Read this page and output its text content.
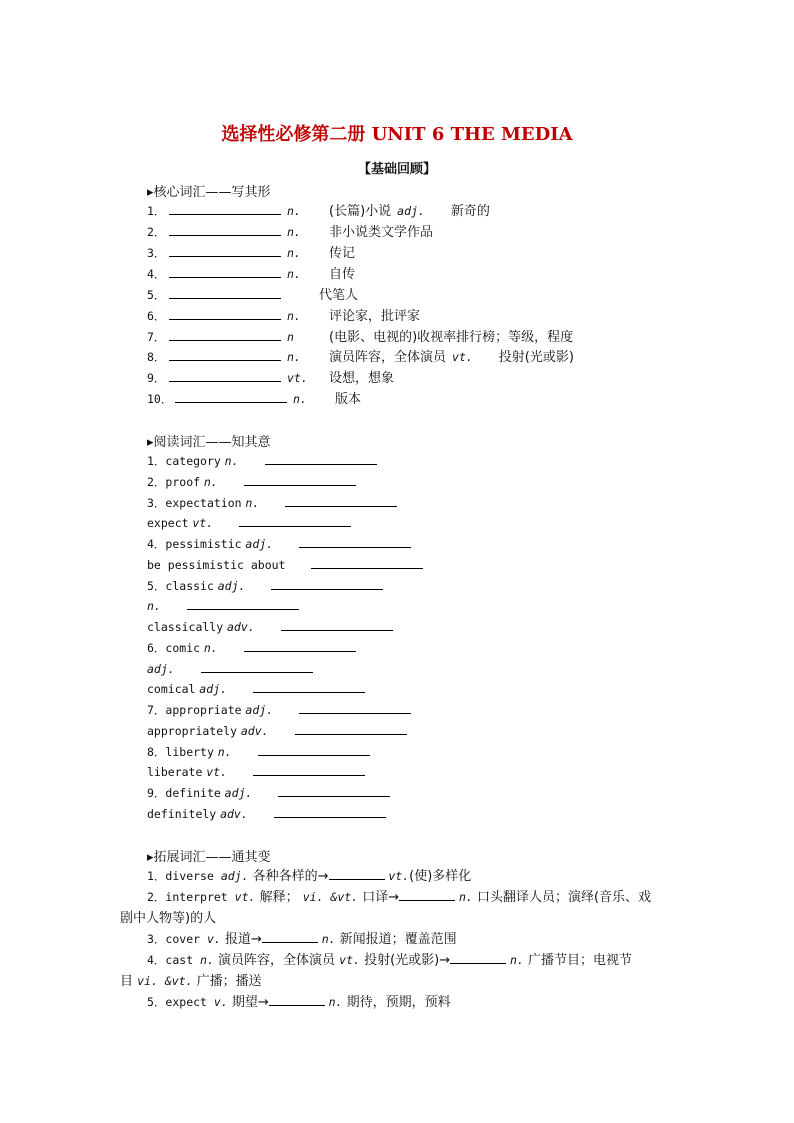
选择性必修第二册 UNIT 6 THE MEDIA
【基础回顾】
▸核心词汇——写其形
1．	n. (长篇)小说 adj. 新奇的
2．	n. 非小说类文学作品
3．	n. 传记
4．	n. 自传
5．	代笔人
6．	n. 评论家，批评家
7．	n	(电影、电视的)收视率排行榜；等级，程度
8．	n. 演员阵容，全体演员 vt. 投射(光或影)
9．	vt. 设想，想象
10．	n. 版本
▸阅读词汇——知其意
1．category n.
2．proof n.
3．expectation n.
expect vt.
4．pessimistic adj.
be pessimistic about
5．classic adj.
n.
classically adv.
6．comic n.
adj.
comical adj.
7．appropriate adj.
appropriately adv.
8．liberty n.
liberate vt.
9．definite adj.
definitely adv.
▸拓展词汇——通其变
1．diverse adj. 各种各样的→	vt.(使)多样化
2．interpret vt. 解释； vi. &vt. 口译→	n. 口头翻译人员；演绎(音乐、戏
剧中人物等)的人
3．cover v. 报道→	n. 新闻报道；覆盖范围
4．cast n. 演员阵容，全体演员 vt. 投射(光或影)→	n. 广播节目；电视节
目 vi. &vt. 广播；播送
5．expect v. 期望→	n. 期待，预期，预料
